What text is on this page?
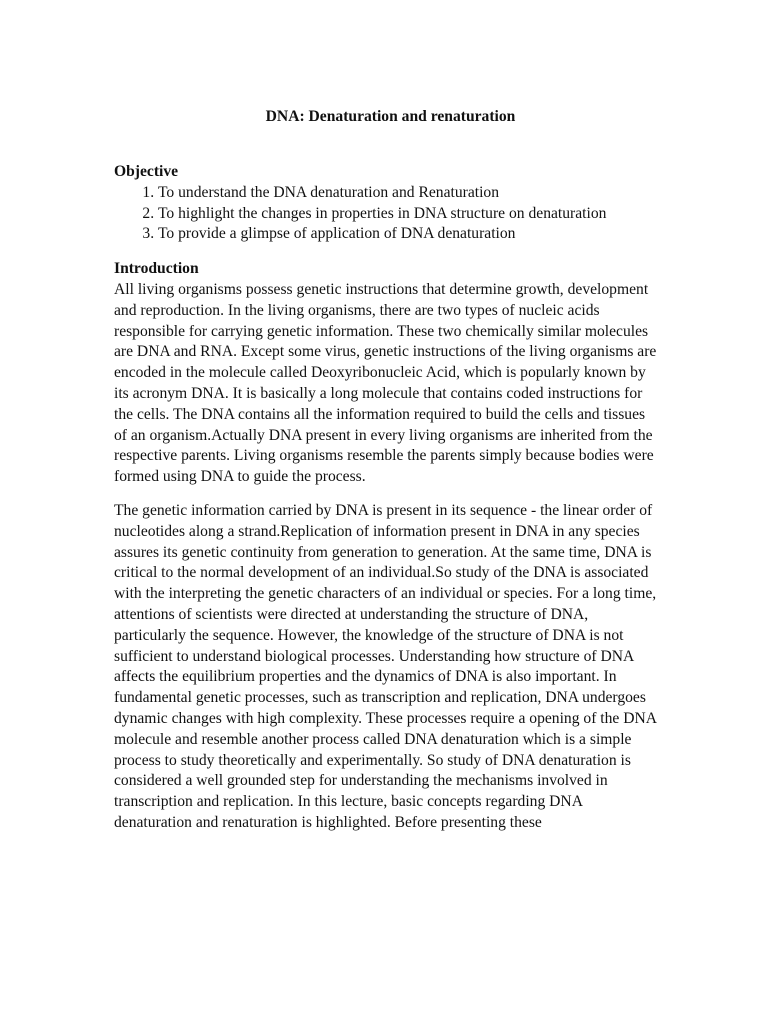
DNA: Denaturation and renaturation
Objective
1. To understand the DNA denaturation and Renaturation
2. To highlight the changes in properties in DNA structure on denaturation
3. To provide a glimpse of application of DNA denaturation
Introduction

All living organisms possess genetic instructions that determine growth, development and reproduction. In the living organisms, there are two types of nucleic acids responsible for carrying genetic information. These two chemically similar molecules are DNA and RNA. Except some virus, genetic instructions of the living organisms are encoded in the molecule called Deoxyribonucleic Acid, which is popularly known by its acronym DNA. It is basically a long molecule that contains coded instructions for the cells. The DNA contains all the information required to build the cells and tissues of an organism.Actually DNA present in every living organisms are inherited from the respective parents. Living organisms resemble the parents simply because bodies were formed using DNA to guide the process.

The genetic information carried by DNA is present in its sequence - the linear order of nucleotides along a strand.Replication of information present in DNA in any species assures its genetic continuity from generation to generation. At the same time, DNA is critical to the normal development of an individual.So study of the DNA is associated with the interpreting the genetic characters of an individual or species. For a long time, attentions of scientists were directed at understanding the structure of DNA, particularly the sequence. However, the knowledge of the structure of DNA is not sufficient to understand biological processes. Understanding how structure of DNA affects the equilibrium properties and the dynamics of DNA is also important. In fundamental genetic processes, such as transcription and replication, DNA undergoes dynamic changes with high complexity. These processes require a opening of the DNA molecule and resemble another process called DNA denaturation which is a simple process to study theoretically and experimentally. So study of DNA denaturation is considered a well grounded step for understanding the mechanisms involved in transcription and replication. In this lecture, basic concepts regarding DNA denaturation and renaturation is highlighted. Before presenting these
